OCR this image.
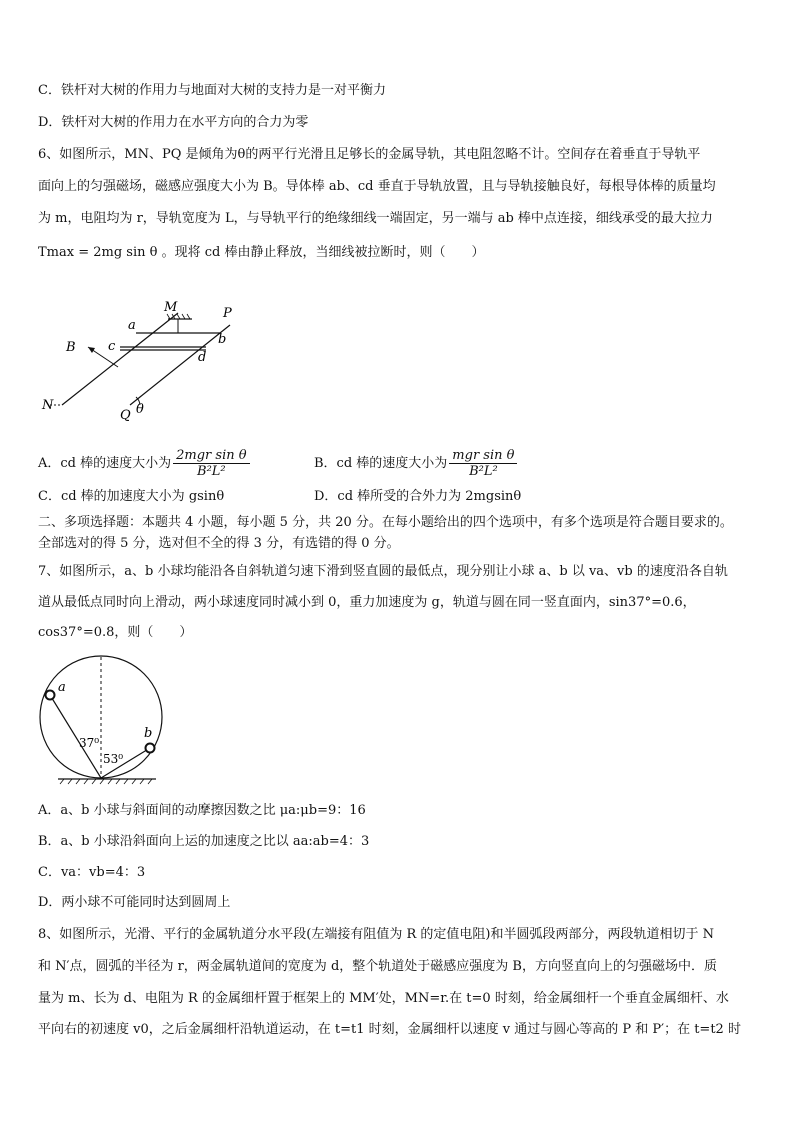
C．铁杆对大树的作用力与地面对大树的支持力是一对平衡力
D．铁杆对大树的作用力在水平方向的合力为零
6、如图所示，MN、PQ 是倾角为θ的两平行光滑且足够长的金属导轨，其电阻忽略不计。空间存在着垂直于导轨平
面向上的匀强磁场，磁感应强度大小为 B。导体棒 ab、cd 垂直于导轨放置，且与导轨接触良好，每根导体棒的质量均
为 m，电阻均为 r，导轨宽度为 L，与导轨平行的绝缘细线一端固定，另一端与 ab 棒中点连接，细线承受的最大拉力
Tmax = 2mg sin θ 。现将 cd 棒由静止释放，当细线被拉断时，则（　　）
M	P
a
b
B c
d
N
Q θ
A．cd 棒的速度大小为 $\frac{\text{2mgr sin θ}}{\text{B²L²}}$	B．cd 棒的速度大小为 $\frac{\text{mgr sin θ}}{\text{B²L²}}$
C．cd 棒的加速度大小为 gsinθ	D．cd 棒所受的合外力为 2mgsinθ
二、多项选择题：本题共 4 小题，每小题 5 分，共 20 分。在每小题给出的四个选项中，有多个选项是符合题目要求的。
全部选对的得 5 分，选对但不全的得 3 分，有选错的得 0 分。
7、如图所示，a、b 小球均能沿各自斜轨道匀速下滑到竖直圆的最低点，现分别让小球 a、b 以 va、vb 的速度沿各自轨
道从最低点同时向上滑动，两小球速度同时减小到 0，重力加速度为 g，轨道与圆在同一竖直面内，sin37°=0.6，
cos37°=0.8，则（　　）
a
b
37⁰
53⁰
A．a、b 小球与斜面间的动摩擦因数之比 μa:μb=9：16
B．a、b 小球沿斜面向上运的加速度之比以 aa:ab=4：3
C．va：vb=4：3
D．两小球不可能同时达到圆周上
8、如图所示，光滑、平行的金属轨道分水平段(左端接有阻值为 R 的定值电阻)和半圆弧段两部分，两段轨道相切于 N
和 N′点，圆弧的半径为 r，两金属轨道间的宽度为 d，整个轨道处于磁感应强度为 B，方向竖直向上的匀强磁场中．质
量为 m、长为 d、电阻为 R 的金属细杆置于框架上的 MM′处，MN=r.在 t=0 时刻，给金属细杆一个垂直金属细杆、水
平向右的初速度 v0，之后金属细杆沿轨道运动，在 t=t1 时刻，金属细杆以速度 v 通过与圆心等高的 P 和 P′；在 t=t2 时
